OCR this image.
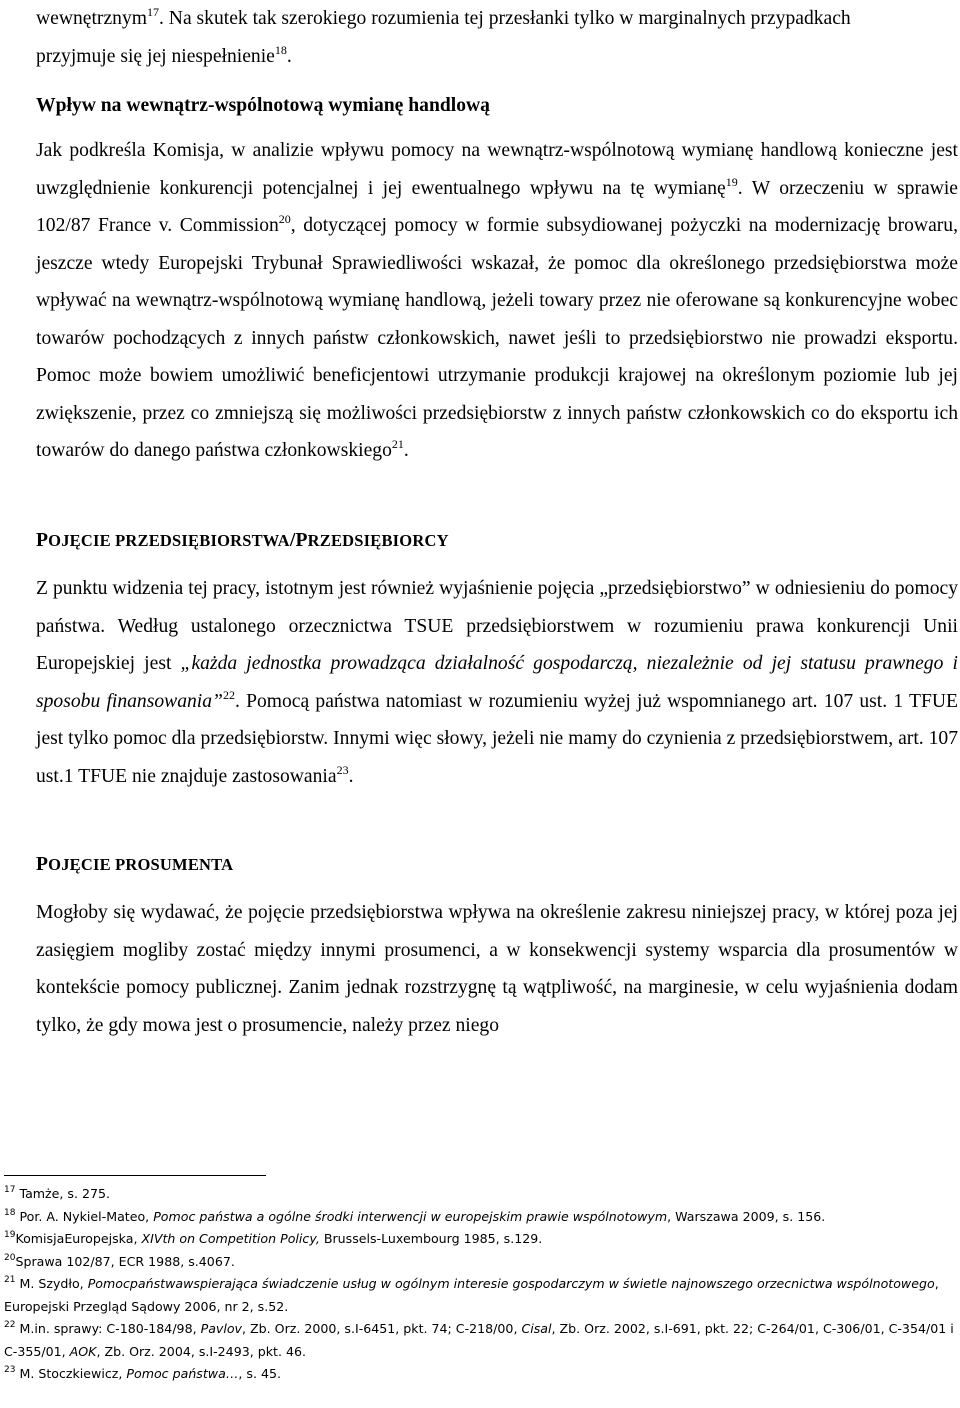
wewnętrznym$^{17}$. Na skutek tak szerokiego rozumienia tej przesłanki tylko w marginalnych przypadkach
przyjmuje się jej niespełnienie$^{18}$.

Wpływ na wewnątrz-wspólnotową wymianę handlową

Jak podkreśla Komisja, w analizie wpływu pomocy na wewnątrz-wspólnotową wymianę handlową konieczne jest uwzględnienie konkurencji potencjalnej i jej ewentualnego wpływu na tę wymianę$^{19}$. W orzeczeniu w sprawie 102/87 France v. Commission$^{20}$, dotyczącej pomocy w formie subsydiowanej pożyczki na modernizację browaru, jeszcze wtedy Europejski Trybunał Sprawiedliwości wskazał, że pomoc dla określonego przedsiębiorstwa może wpływać na wewnątrz-wspólnotową wymianę handlową, jeżeli towary przez nie oferowane są konkurencyjne wobec towarów pochodzących z innych państw członkowskich, nawet jeśli to przedsiębiorstwo nie prowadzi eksportu. Pomoc może bowiem umożliwić beneficjentowi utrzymanie produkcji krajowej na określonym poziomie lub jej zwiększenie, przez co zmniejszą się możliwości przedsiębiorstw z innych państw członkowskich co do eksportu ich towarów do danego państwa członkowskiego$^{21}$.

POJĘCIE PRZEDSIĘBIORSTWA/PRZEDSIĘBIORCY

Z punktu widzenia tej pracy, istotnym jest również wyjaśnienie pojęcia „przedsiębiorstwo” w odniesieniu do pomocy państwa. Według ustalonego orzecznictwa TSUE przedsiębiorstwem w rozumieniu prawa konkurencji Unii Europejskiej jest „każda jednostka prowadząca działalność gospodarczą, niezależnie od jej statusu prawnego i sposobu finansowania”$^{22}$. Pomocą państwa natomiast w rozumieniu wyżej już wspomnianego art. 107 ust. 1 TFUE jest tylko pomoc dla przedsiębiorstw. Innymi więc słowy, jeżeli nie mamy do czynienia z przedsiębiorstwem, art. 107 ust.1 TFUE nie znajduje zastosowania$^{23}$.

POJĘCIE PROSUMENTA

Mogłoby się wydawać, że pojęcie przedsiębiorstwa wpływa na określenie zakresu niniejszej pracy, w której poza jej zasięgiem mogliby zostać między innymi prosumenci, a w konsekwencji systemy wsparcia dla prosumentów w kontekście pomocy publicznej. Zanim jednak rozstrzygnę tą wątpliwość, na marginesie, w celu wyjaśnienia dodam tylko, że gdy mowa jest o prosumencie, należy przez niego

$^{17}$ Tamże, s. 275.

$^{18}$ Por. A. Nykiel-Mateo, Pomoc państwa a ogólne środki interwencji w europejskim prawie wspólnotowym, Warszawa 2009, s. 156.

$^{19}$KomisjaEuropejska, XIVth on Competition Policy, Brussels-Luxembourg 1985, s.129.

$^{20}$Sprawa 102/87, ECR 1988, s.4067.

$^{21}$ M. Szydło, Pomocpaństwawspierająca świadczenie usług w ogólnym interesie gospodarczym w świetle najnowszego orzecnictwa wspólnotowego, Europejski Przegląd Sądowy 2006, nr 2, s.52.

$^{22}$ M.in. sprawy: C-180-184/98, Pavlov, Zb. Orz. 2000, s.I-6451, pkt. 74; C-218/00, Cisal, Zb. Orz. 2002, s.I-691, pkt. 22; C-264/01, C-306/01, C-354/01 i C-355/01, AOK, Zb. Orz. 2004, s.I-2493, pkt. 46.

$^{23}$ M. Stoczkiewicz, Pomoc państwa…, s. 45.
